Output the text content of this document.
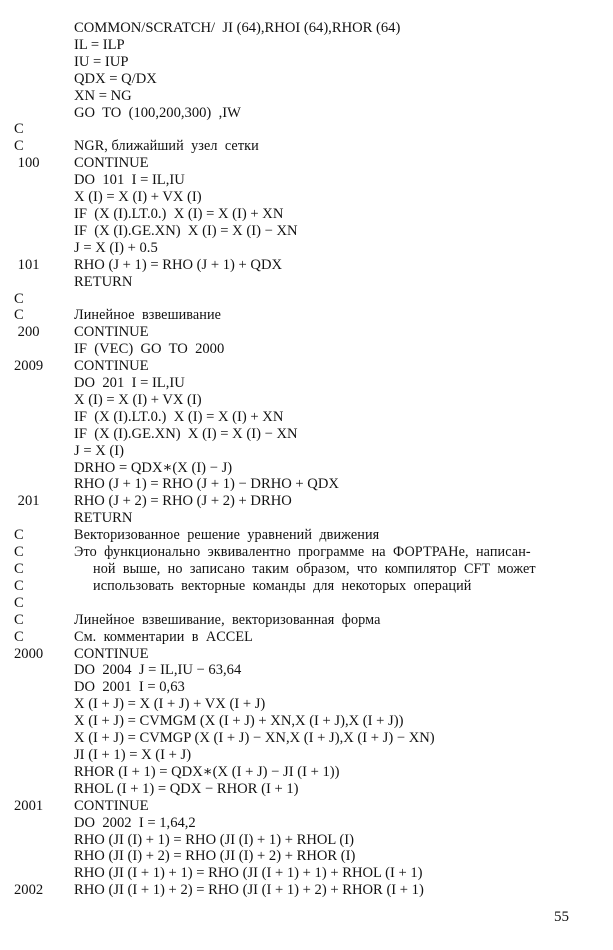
COMMON/SCRATCH/  JI (64),RHOI (64),RHOR (64)
IL = ILP
IU = IUP
QDX = Q/DX
XN = NG
GO  TO  (100,200,300)  ,IW
C
C	NGR, ближайший  узел  сетки
100	CONTINUE
DO  101  I = IL,IU
X (I) = X (I) + VX (I)
IF  (X (I).LT.0.)  X (I) = X (I) + XN
IF  (X (I).GE.XN)  X (I) = X (I) − XN
J = X (I) + 0.5
101	RHO (J + 1) = RHO (J + 1) + QDX
RETURN
C
C	Линейное  взвешивание
200	CONTINUE
IF  (VEC)  GO  TO  2000
2009	CONTINUE
DO  201  I = IL,IU
X (I) = X (I) + VX (I)
IF  (X (I).LT.0.)  X (I) = X (I) + XN
IF  (X (I).GE.XN)  X (I) = X (I) − XN
J = X (I)
DRHO = QDX∗(X (I) − J)
RHO (J + 1) = RHO (J + 1) − DRHO + QDX
201	RHO (J + 2) = RHO (J + 2) + DRHO
RETURN
C	Векторизованное  решение  уравнений  движения
C	Это  функционально  эквивалентно  программе  на  ФОРТРАНе,  написан-
C	ной  выше,  но  записано  таким  образом,  что  компилятор  CFT  может
C	использовать  векторные  команды  для  некоторых  операций
C
C	Линейное  взвешивание,  векторизованная  форма
C	См.  комментарии  в  ACCEL
2000	CONTINUE
DO  2004  J = IL,IU − 63,64
DO  2001  I = 0,63
X (I + J) = X (I + J) + VX (I + J)
X (I + J) = CVMGM (X (I + J) + XN,X (I + J),X (I + J))
X (I + J) = CVMGP (X (I + J) − XN,X (I + J),X (I + J) − XN)
JI (I + 1) = X (I + J)
RHOR (I + 1) = QDX∗(X (I + J) − JI (I + 1))
RHOL (I + 1) = QDX − RHOR (I + 1)
2001	CONTINUE
DO  2002  I = 1,64,2
RHO (JI (I) + 1) = RHO (JI (I) + 1) + RHOL (I)
RHO (JI (I) + 2) = RHO (JI (I) + 2) + RHOR (I)
RHO (JI (I + 1) + 1) = RHO (JI (I + 1) + 1) + RHOL (I + 1)
2002	RHO (JI (I + 1) + 2) = RHO (JI (I + 1) + 2) + RHOR (I + 1)
55
